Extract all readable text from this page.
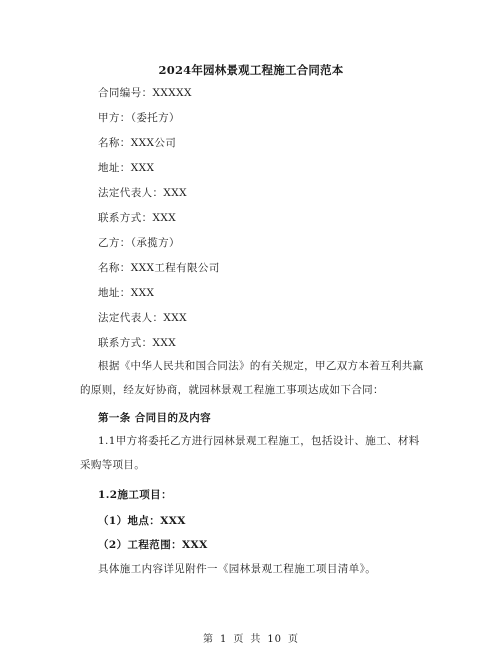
2024年园林景观工程施工合同范本
合同编号：XXXXX
甲方：（委托方）
名称：XXX公司
地址：XXX
法定代表人：XXX
联系方式：XXX
乙方：（承揽方）
名称：XXX工程有限公司
地址：XXX
法定代表人：XXX
联系方式：XXX
根据《中华人民共和国合同法》的有关规定，甲乙双方本着互利共赢的原则，经友好协商，就园林景观工程施工事项达成如下合同：
第一条 合同目的及内容
1.1甲方将委托乙方进行园林景观工程施工，包括设计、施工、材料采购等项目。
1.2施工项目：
（1）地点：XXX
（2）工程范围：XXX
具体施工内容详见附件一《园林景观工程施工项目清单》。
第 1 页 共 10 页
